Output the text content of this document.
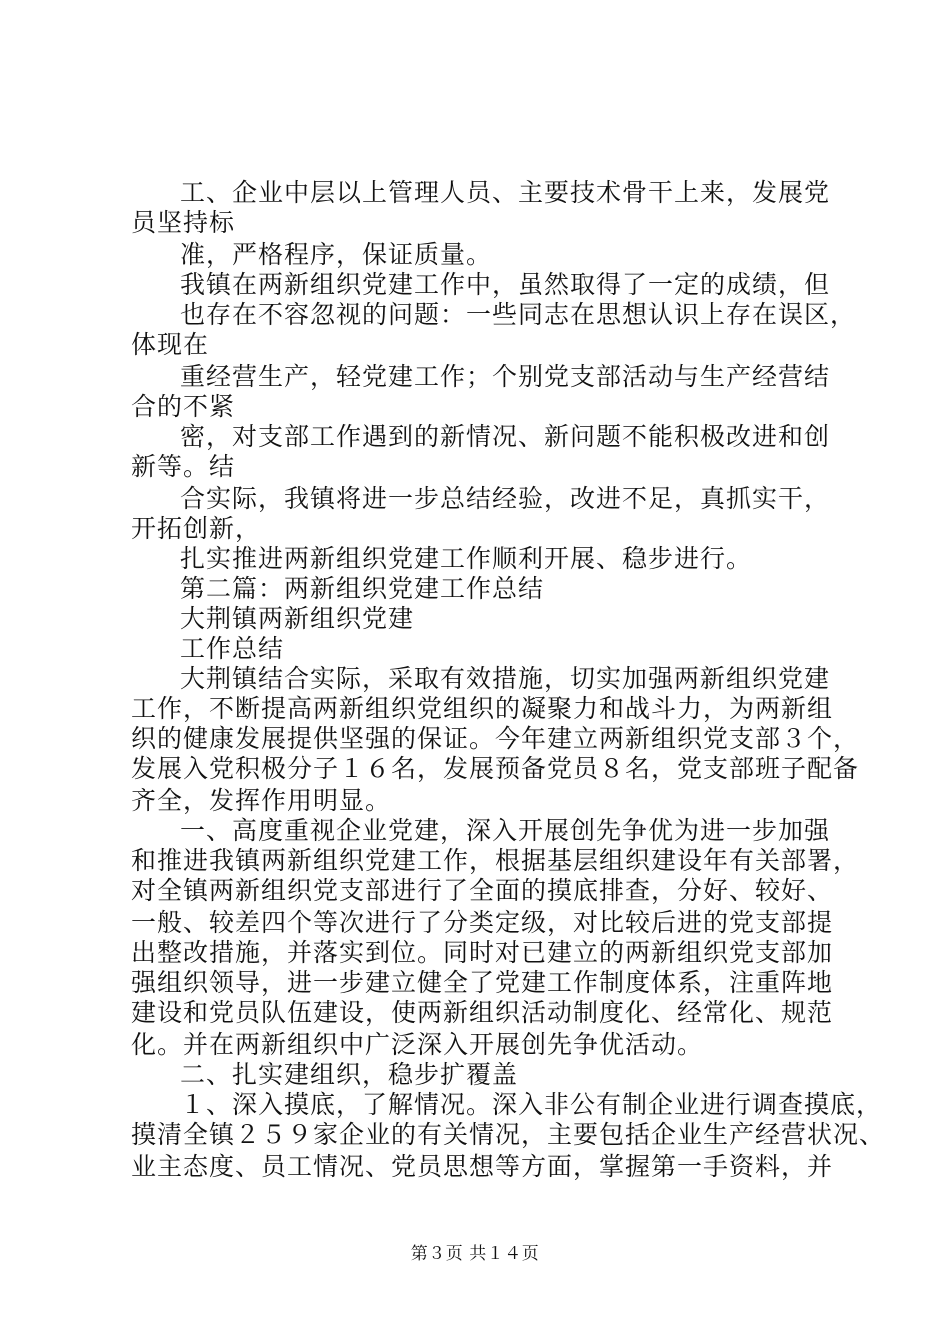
工、企业中层以上管理人员、主要技术骨干上来，发展党
员坚持标
准，严格程序，保证质量。
我镇在两新组织党建工作中，虽然取得了一定的成绩，但
也存在不容忽视的问题：一些同志在思想认识上存在误区，
体现在
重经营生产，轻党建工作；个别党支部活动与生产经营结
合的不紧
密，对支部工作遇到的新情况、新问题不能积极改进和创
新等。结
合实际，我镇将进一步总结经验，改进不足，真抓实干，
开拓创新，
扎实推进两新组织党建工作顺利开展、稳步进行。
第二篇：两新组织党建工作总结
大荆镇两新组织党建
工作总结
大荆镇结合实际，采取有效措施，切实加强两新组织党建
工作，不断提高两新组织党组织的凝聚力和战斗力，为两新组
织的健康发展提供坚强的保证。今年建立两新组织党支部３个，
发展入党积极分子１６名，发展预备党员８名，党支部班子配备
齐全，发挥作用明显。
一、高度重视企业党建，深入开展创先争优为进一步加强
和推进我镇两新组织党建工作，根据基层组织建设年有关部署，
对全镇两新组织党支部进行了全面的摸底排查，分好、较好、
一般、较差四个等次进行了分类定级，对比较后进的党支部提
出整改措施，并落实到位。同时对已建立的两新组织党支部加
强组织领导，进一步建立健全了党建工作制度体系，注重阵地
建设和党员队伍建设，使两新组织活动制度化、经常化、规范
化。并在两新组织中广泛深入开展创先争优活动。
二、扎实建组织，稳步扩覆盖
１、深入摸底，了解情况。深入非公有制企业进行调查摸底，
摸清全镇２５９家企业的有关情况，主要包括企业生产经营状况、
业主态度、员工情况、党员思想等方面，掌握第一手资料，并
第３页 共１４页
